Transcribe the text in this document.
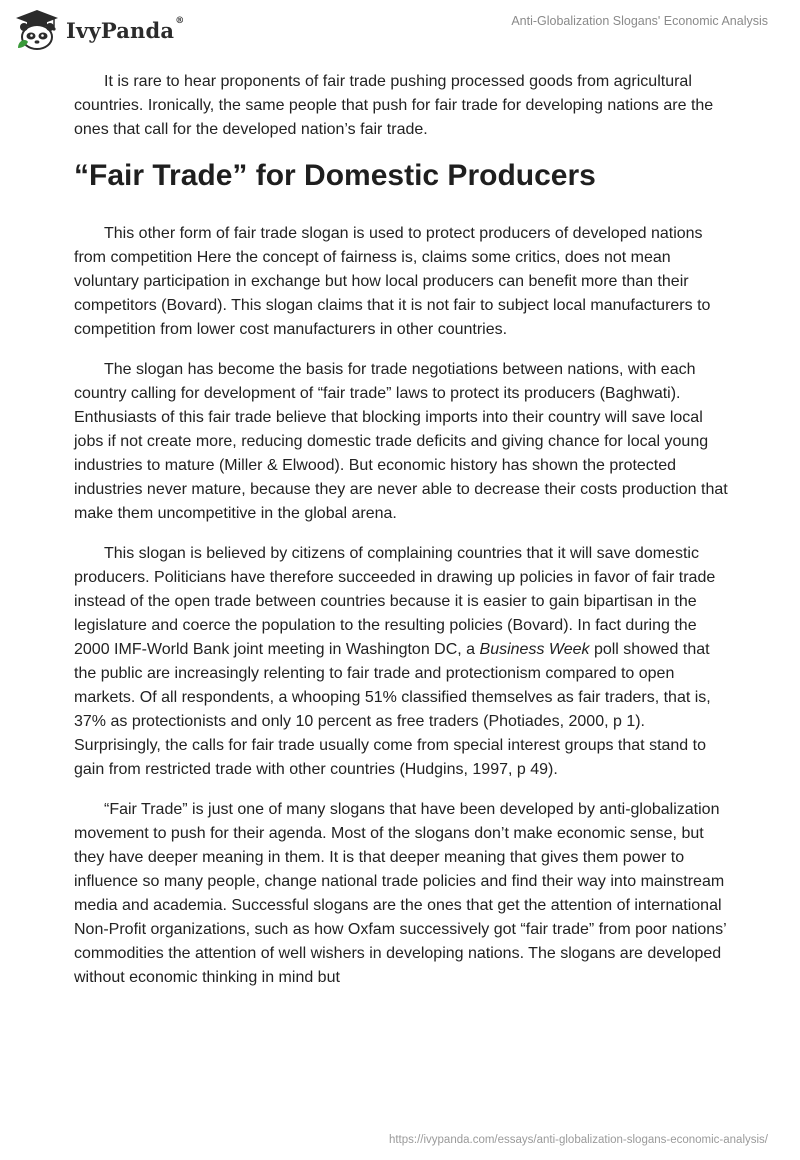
IvyPanda®	Anti-Globalization Slogans' Economic Analysis

It is rare to hear proponents of fair trade pushing processed goods from agricultural countries. Ironically, the same people that push for fair trade for developing nations are the ones that call for the developed nation’s fair trade.

“Fair Trade” for Domestic Producers

This other form of fair trade slogan is used to protect producers of developed nations from competition Here the concept of fairness is, claims some critics, does not mean voluntary participation in exchange but how local producers can benefit more than their competitors (Bovard). This slogan claims that it is not fair to subject local manufacturers to competition from lower cost manufacturers in other countries.

The slogan has become the basis for trade negotiations between nations, with each country calling for development of “fair trade” laws to protect its producers (Baghwati). Enthusiasts of this fair trade believe that blocking imports into their country will save local jobs if not create more, reducing domestic trade deficits and giving chance for local young industries to mature (Miller & Elwood). But economic history has shown the protected industries never mature, because they are never able to decrease their costs production that make them uncompetitive in the global arena.

This slogan is believed by citizens of complaining countries that it will save domestic producers. Politicians have therefore succeeded in drawing up policies in favor of fair trade instead of the open trade between countries because it is easier to gain bipartisan in the legislature and coerce the population to the resulting policies (Bovard). In fact during the 2000 IMF-World Bank joint meeting in Washington DC, a Business Week poll showed that the public are increasingly relenting to fair trade and protectionism compared to open markets. Of all respondents, a whooping 51% classified themselves as fair traders, that is, 37% as protectionists and only 10 percent as free traders (Photiades, 2000, p 1). Surprisingly, the calls for fair trade usually come from special interest groups that stand to gain from restricted trade with other countries (Hudgins, 1997, p 49).

“Fair Trade” is just one of many slogans that have been developed by anti-globalization movement to push for their agenda. Most of the slogans don’t make economic sense, but they have deeper meaning in them. It is that deeper meaning that gives them power to influence so many people, change national trade policies and find their way into mainstream media and academia. Successful slogans are the ones that get the attention of international Non-Profit organizations, such as how Oxfam successively got “fair trade” from poor nations’ commodities the attention of well wishers in developing nations. The slogans are developed without economic thinking in mind but

https://ivypanda.com/essays/anti-globalization-slogans-economic-analysis/
